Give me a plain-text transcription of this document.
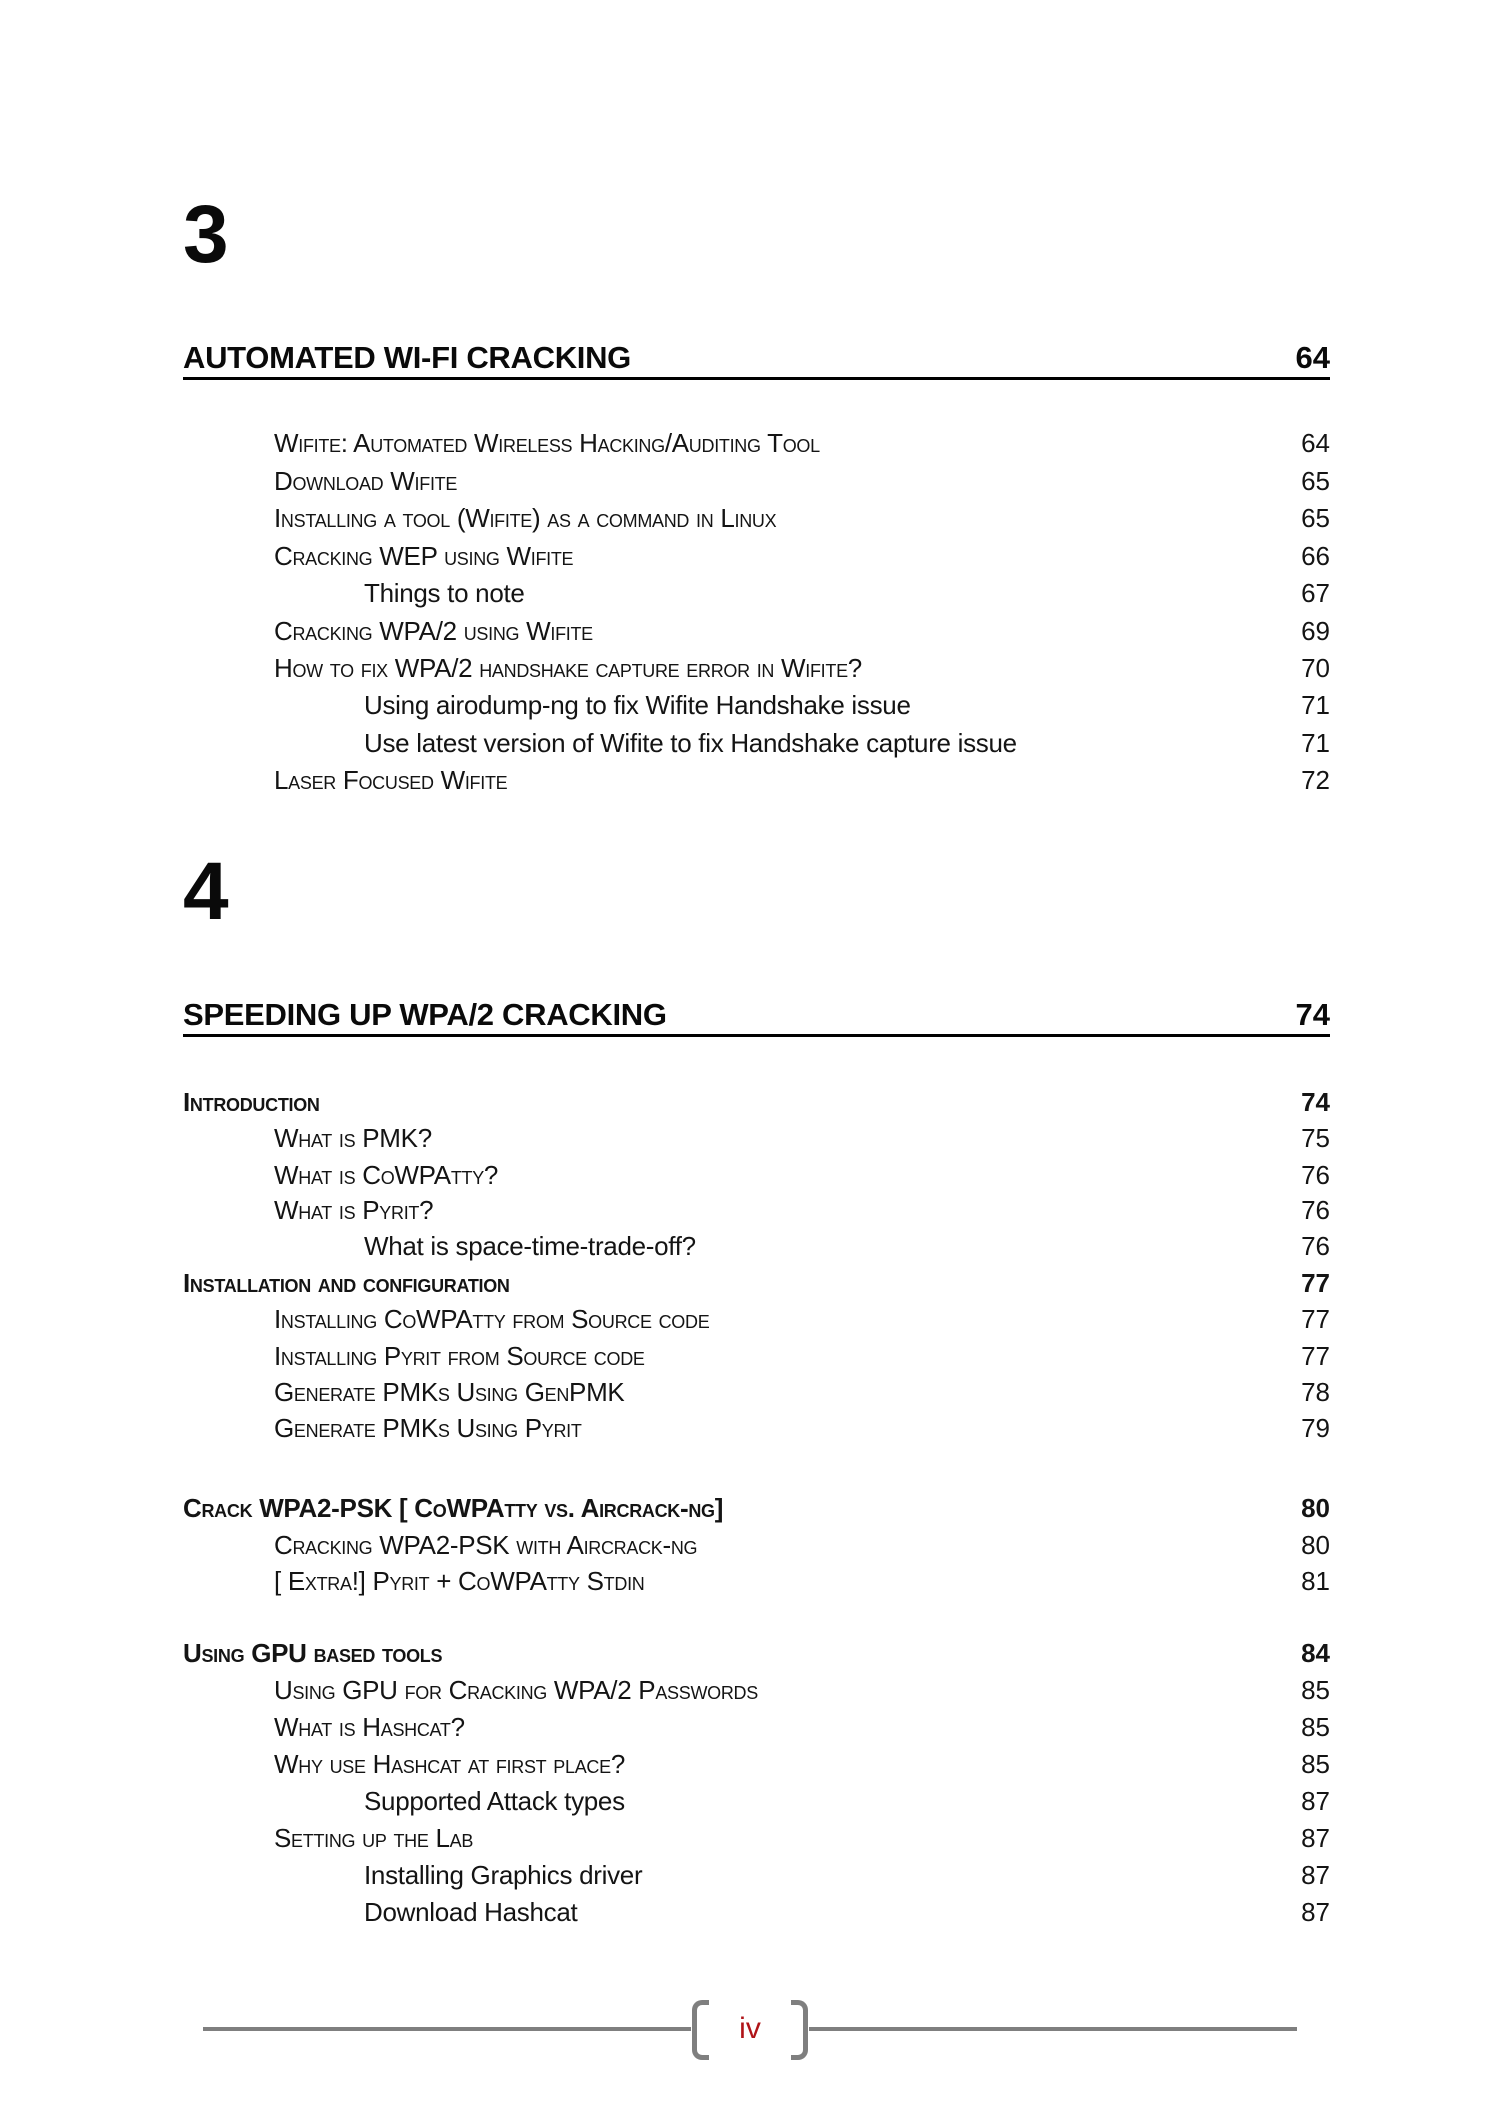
3
AUTOMATED WI-FI CRACKING	64
Wifite: Automated Wireless Hacking/Auditing Tool	64
Download Wifite	65
Installing a tool (Wifite) as a command in Linux	65
Cracking WEP using Wifite	66
Things to note	67
Cracking WPA/2 using Wifite	69
How to fix WPA/2 handshake capture error in Wifite?	70
Using airodump-ng to fix Wifite Handshake issue	71
Use latest version of Wifite to fix Handshake capture issue	71
Laser Focused Wifite	72
4
SPEEDING UP WPA/2 CRACKING	74
Introduction	74
What is PMK?	75
What is CoWPAtty?	76
What is Pyrit?	76
What is space-time-trade-off?	76
Installation and configuration	77
Installing CoWPAtty from Source code	77
Installing Pyrit from Source code	77
Generate PMKs Using GenPMK	78
Generate PMKs Using Pyrit	79
Crack WPA2-PSK [ CoWPAtty vs. Aircrack-ng]	80
Cracking WPA2-PSK with Aircrack-ng	80
[ Extra!] Pyrit + CoWPAtty Stdin	81
Using GPU based tools	84
Using GPU for Cracking WPA/2 Passwords	85
What is Hashcat?	85
Why use Hashcat at first place?	85
Supported Attack types	87
Setting up the Lab	87
Installing Graphics driver	87
Download Hashcat	87
iv
